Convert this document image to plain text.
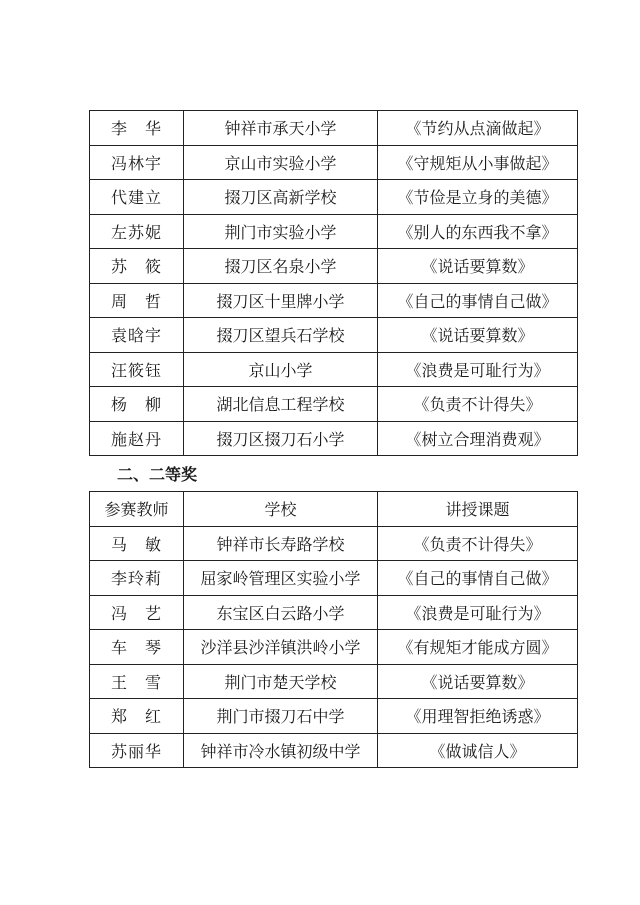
李　华	钟祥市承天小学	《节约从点滴做起》
冯林宇	京山市实验小学	《守规矩从小事做起》
代建立	掇刀区高新学校	《节俭是立身的美德》
左苏妮	荆门市实验小学	《别人的东西我不拿》
苏　筱	掇刀区名泉小学	《说话要算数》
周　哲	掇刀区十里牌小学	《自己的事情自己做》
袁晗宇	掇刀区望兵石学校	《说话要算数》
汪筱钰	京山小学	《浪费是可耻行为》
杨　柳	湖北信息工程学校	《负责不计得失》
施赵丹	掇刀区掇刀石小学	《树立合理消费观》
二、二等奖
参赛教师	学校	讲授课题
马　敏	钟祥市长寿路学校	《负责不计得失》
李玲莉	屈家岭管理区实验小学	《自己的事情自己做》
冯　艺	东宝区白云路小学	《浪费是可耻行为》
车　琴	沙洋县沙洋镇洪岭小学	《有规矩才能成方圆》
王　雪	荆门市楚天学校	《说话要算数》
郑　红	荆门市掇刀石中学	《用理智拒绝诱惑》
苏丽华	钟祥市冷水镇初级中学	《做诚信人》
